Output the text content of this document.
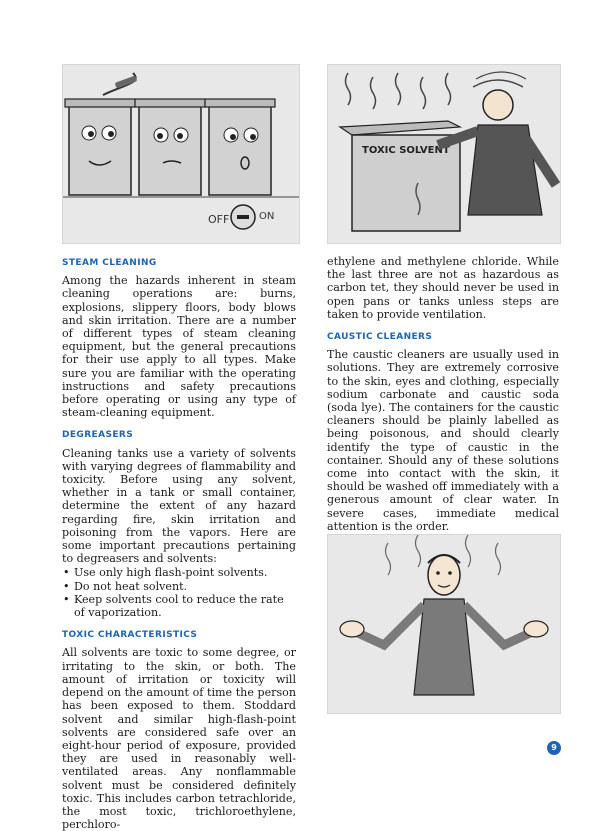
OFF	ON
TOXIC SOLVENT
STEAM CLEANING

Among the hazards inherent in steam cleaning operations are: burns, explosions, slippery floors, body blows and skin irritation. There are a number of different types of steam cleaning equipment, but the general precautions for their use apply to all types. Make sure you are familiar with the operating instructions and safety precautions before operating or using any type of steam-cleaning equipment.

DEGREASERS

Cleaning tanks use a variety of solvents with varying degrees of flammability and toxicity. Before using any solvent, whether in a tank or small container, determine the extent of any hazard regarding fire, skin irritation and poisoning from the vapors. Here are some important precautions pertaining to degreasers and solvents:

• Use only high flash-point solvents.
• Do not heat solvent.
• Keep solvents cool to reduce the rate of vaporization.
TOXIC CHARACTERISTICS

All solvents are toxic to some degree, or irritating to the skin, or both. The amount of irritation or toxicity will depend on the amount of time the person has been exposed to them. Stoddard solvent and similar high-flash-point solvents are considered safe over an eight-hour period of exposure, provided they are used in reasonably well-ventilated areas. Any nonflammable solvent must be considered definitely toxic. This includes carbon tetrachloride, the most toxic, trichloroethylene, perchloro-

ethylene and methylene chloride. While the last three are not as hazardous as carbon tet, they should never be used in open pans or tanks unless steps are taken to provide ventilation.

CAUSTIC CLEANERS

The caustic cleaners are usually used in solutions. They are extremely corrosive to the skin, eyes and clothing, especially sodium carbonate and caustic soda (soda lye). The containers for the caustic cleaners should be plainly labelled as being poisonous, and should clearly identify the type of caustic in the container. Should any of these solutions come into contact with the skin, it should be washed off immediately with a generous amount of clear water. In severe cases, immediate medical attention is the order.

9
